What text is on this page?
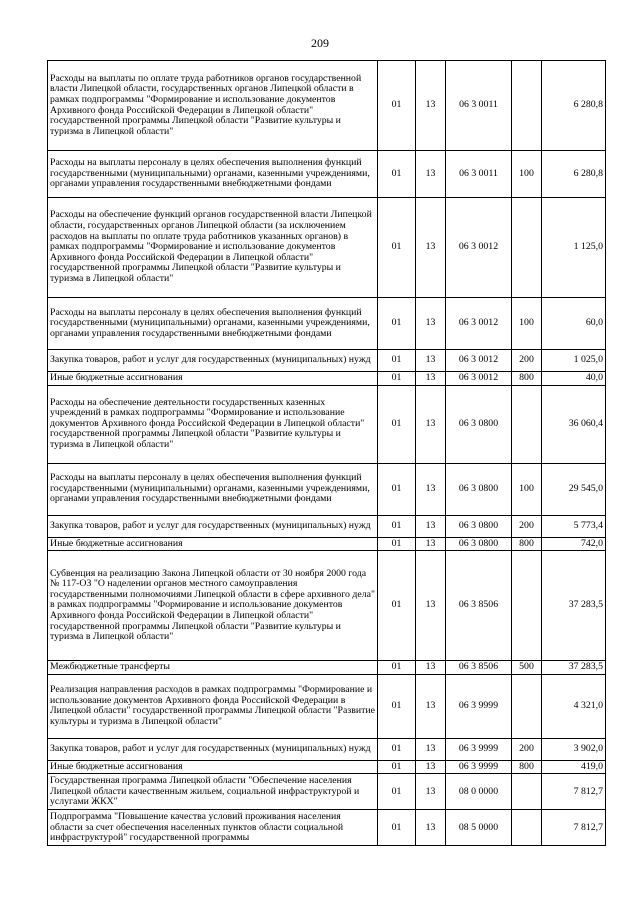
209
Расходы на выплаты по оплате труда работников органов государственной власти Липецкой области, государственных органов Липецкой области в рамках подпрограммы "Формирование и использование документов Архивного фонда Российской Федерации в Липецкой области" государственной программы Липецкой области "Развитие культуры и туризма в Липецкой области"	01	13	06 3 0011		6 280,8
Расходы на выплаты персоналу в целях обеспечения выполнения функций государственными (муниципальными) органами, казенными учреждениями, органами управления государственными внебюджетными фондами	01	13	06 3 0011	100	6 280,8
Расходы на обеспечение функций органов государственной власти Липецкой области, государственных органов Липецкой области (за исключением расходов на выплаты по оплате труда работников указанных органов) в рамках подпрограммы "Формирование и использование документов Архивного фонда Российской Федерации в Липецкой области" государственной программы Липецкой области "Развитие культуры и туризма в Липецкой области"	01	13	06 3 0012		1 125,0
Расходы на выплаты персоналу в целях обеспечения выполнения функций государственными (муниципальными) органами, казенными учреждениями, органами управления государственными внебюджетными фондами	01	13	06 3 0012	100	60,0
Закупка товаров, работ и услуг для государственных (муниципальных) нужд	01	13	06 3 0012	200	1 025,0
Иные бюджетные ассигнования	01	13	06 3 0012	800	40,0
Расходы на обеспечение деятельности государственных казенных учреждений в рамках подпрограммы "Формирование и использование документов Архивного фонда Российской Федерации в Липецкой области" государственной программы Липецкой области "Развитие культуры и туризма в Липецкой области"	01	13	06 3 0800		36 060,4
Расходы на выплаты персоналу в целях обеспечения выполнения функций государственными (муниципальными) органами, казенными учреждениями, органами управления государственными внебюджетными фондами	01	13	06 3 0800	100	29 545,0
Закупка товаров, работ и услуг для государственных (муниципальных) нужд	01	13	06 3 0800	200	5 773,4
Иные бюджетные ассигнования	01	13	06 3 0800	800	742,0
Субвенция на реализацию Закона Липецкой области от 30 ноября 2000 года № 117-ОЗ "О наделении органов местного самоуправления государственными полномочиями Липецкой области в сфере архивного дела" в рамках подпрограммы "Формирование и использование документов Архивного фонда Российской Федерации в Липецкой области" государственной программы Липецкой области "Развитие культуры и туризма в Липецкой области"	01	13	06 3 8506		37 283,5
Межбюджетные трансферты	01	13	06 3 8506	500	37 283,5
Реализация направления расходов в рамках подпрограммы "Формирование и использование документов Архивного фонда Российской Федерации в Липецкой области" государственной программы Липецкой области "Развитие культуры и туризма в Липецкой области"	01	13	06 3 9999		4 321,0
Закупка товаров, работ и услуг для государственных (муниципальных) нужд	01	13	06 3 9999	200	3 902,0
Иные бюджетные ассигнования	01	13	06 3 9999	800	419,0
Государственная программа Липецкой области "Обеспечение населения Липецкой области качественным жильем, социальной инфраструктурой и услугами ЖКХ"	01	13	08 0 0000		7 812,7
Подпрограмма "Повышение качества условий проживания населения области за счет обеспечения населенных пунктов области социальной инфраструктурой" государственной программы	01	13	08 5 0000		7 812,7
